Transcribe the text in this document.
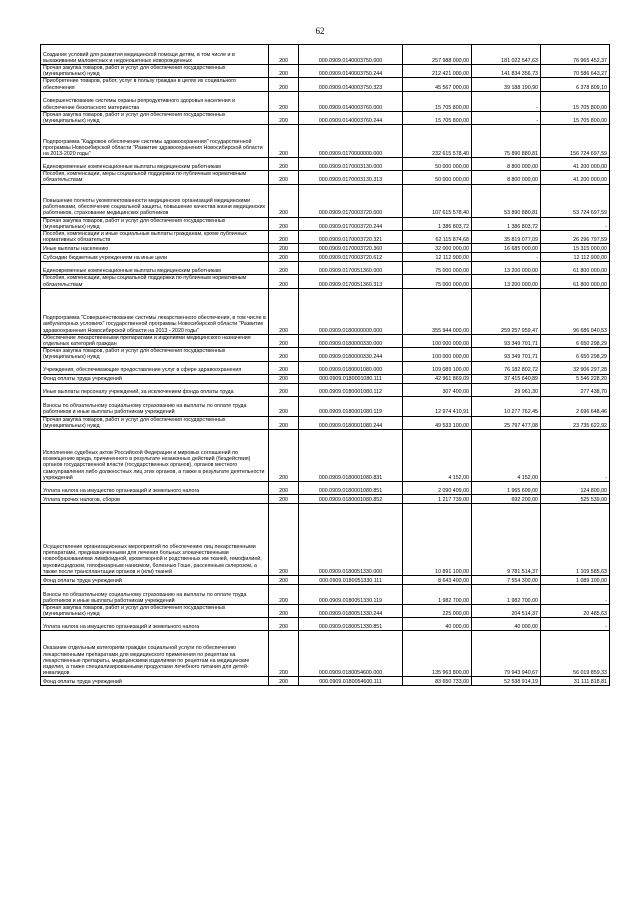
62
Создание условий для развития медицинской помощи детям, в том числе и в выхаживании маловесных и недоношенных новорожденных	200	000.0909.0140003750.000	257 988 000,00	181 022 547,63	76 965 452,37
Прочая закупка товаров, работ и услуг для обеспечения государственных (муниципальных) нужд	200	000.0909.0140003750.244	212 421 000,00	141 834 356,73	70 586 643,27
Приобретение товаров, работ, услуг в пользу граждан в целях их социального обеспечения	200	000.0909.0140003750.323	45 567 000,00	39 188 190,90	6 378 809,10
Совершенствование системы охраны репродуктивного здоровья населения и обеспечение безопасного материнства	200	000.0909.0140003760.000	15 705 800,00	-	15 705 800,00
Прочая закупка товаров, работ и услуг для обеспечения государственных (муниципальных) нужд	200	000.0909.0140003760.244	15 705 800,00	-	15 705 800,00
Подпрограмма "Кадровое обеспечение системы здравоохранения" государственной программы Новосибирской области "Развитие здравоохранения Новосибирской области на 2013-2020 годы"	200	000.0909.0170000000.000	232 615 578,40	75 890 880,81	156 724 697,59
Единовременные компенсационные выплаты медицинским работникам	200	000.0909.0170003130.000	50 000 000,00	8 800 000,00	41 200 000,00
Пособия, компенсации, меры социальной поддержки по публичным нормативным обязательствам	200	000.0909.0170003130.313	50 000 000,00	8 800 000,00	41 200 000,00
Повышение полноты укомплектованности медицинских организаций медицинскими работниками, обеспечение социальной защиты, повышение качества жизни медицинских работников, страхование медицинских работников	200	000.0909.0170003720.000	107 615 578,40	53 890 880,81	53 724 697,59
Прочая закупка товаров, работ и услуг для обеспечения государственных (муниципальных) нужд	200	000.0909.0170003720.244	1 386 803,72	1 386 803,72	-
Пособия, компенсации и иные социальные выплаты гражданам, кроме публичных нормативных обязательств	200	000.0909.0170003720.321	62 115 874,68	35 819 077,09	26 296 797,59
Иные выплаты населению	200	000.0909.0170003720.360	32 000 000,00	16 685 000,00	15 315 000,00
Субсидии бюджетным учреждениям на иные цели	200	000.0909.0170003720.612	12 112 900,00	-	12 112 900,00
Единовременные компенсационные выплаты медицинским работникам	200	000.0909.0170051360.000	75 000 000,00	13 200 000,00	61 800 000,00
Пособия, компенсации, меры социальной поддержки по публичным нормативным обязательствам	200	000.0909.0170051360.313	75 000 000,00	13 200 000,00	61 800 000,00
Подпрограмма "Совершенствование системы лекарственного обеспечения, в том числе в амбулаторных условиях" государственной программы Новосибирской области "Развитие здравоохранения Новосибирской области на 2013 - 2020 годы"	200	000.0909.0180000000.000	355 944 000,00	259 257 959,47	96 686 040,53
Обеспечение лекарственными препаратами и изделиями медицинского назначения отдельных категорий граждан	200	000.0909.0180000330.000	100 000 000,00	93 349 701,71	6 650 298,29
Прочая закупка товаров, работ и услуг для обеспечения государственных (муниципальных) нужд	200	000.0909.0180000330.244	100 000 000,00	93 349 701,71	6 650 298,29
Учреждения, обеспечивающие предоставление услуг в сфере здравоохранения	200	000.0909.0180001080.000	109 089 100,00	76 182 802,72	32 906 297,28
Фонд оплаты труда учреждений	200	000.0909.0180001080.111	42 961 869,09	37 415 640,89	5 546 228,20
Иные выплаты персоналу учреждений, за исключением фонда оплаты труда	200	000.0909.0180001080.112	307 400,00	29 961,30	277 438,70
Взносы по обязательному социальному страхованию на выплаты по оплате труда работников и иные выплаты работникам учреждений	200	000.0909.0180001080.119	12 974 410,91	10 277 762,45	2 696 648,46
Прочая закупка товаров, работ и услуг для обеспечения государственных (муниципальных) нужд	200	000.0909.0180001080.244	49 533 100,00	25 797 477,08	23 735 622,92
Исполнение судебных актов Российской Федерации и мировых соглашений по возмещению вреда, причиненного в результате незаконных действий (бездействия) органов государственной власти (государственных органов), органов местного самоуправления либо должностных лиц этих органов, а также в результате деятельности учреждений	200	000.0909.0180001080.831	4 152,00	4 152,00	-
Уплата налога на имущество организаций и земельного налога	200	000.0909.0180001080.851	2 090 409,00	1 965 609,00	124 800,00
Уплата прочих налогов, сборов	200	000.0909.0180001080.852	1 217 739,00	692 200,00	525 539,00
Осуществление организационных мероприятий по обеспечению лиц лекарственными препаратами, предназначенными для лечения больных злокачественными новообразованиями лимфоидной, кроветворной и родственных им тканей, гемофилией, муковисцидозом, гипофизарным нанизмом, болезнью Гоше, рассеянным склерозом, а также после трансплантации органов и (или) тканей	200	000.0909.0180051330.000	10 891 100,00	9 781 514,37	1 109 585,63
Фонд оплаты труда учреждений	200	000.0909.0180051330.111	8 643 400,00	7 554 300,00	1 089 100,00
Взносы по обязательному социальному страхованию на выплаты по оплате труда работников и иные выплаты работникам учреждений	200	000.0909.0180051330.119	1 982 700,00	1 982 700,00	-
Прочая закупка товаров, работ и услуг для обеспечения государственных (муниципальных) нужд	200	000.0909.0180051330.244	225 000,00	204 514,37	20 485,63
Уплата налога на имущество организаций и земельного налога	200	000.0909.0180051330.851	40 000,00	40 000,00	-
Оказание отдельным категориям граждан социальной услуги по обеспечению лекарственными препаратами для медицинского применения по рецептам на лекарственные препараты, медицинскими изделиями по рецептам на медицинские изделия, а также специализированными продуктами лечебного питания для детей-инвалидов	200	000.0909.0180054600.000	135 963 800,00	79 943 940,67	56 019 859,33
Фонд оплаты труда учреждений	200	000.0909.0180054600.111	83 650 733,00	52 538 914,19	31 111 818,81
